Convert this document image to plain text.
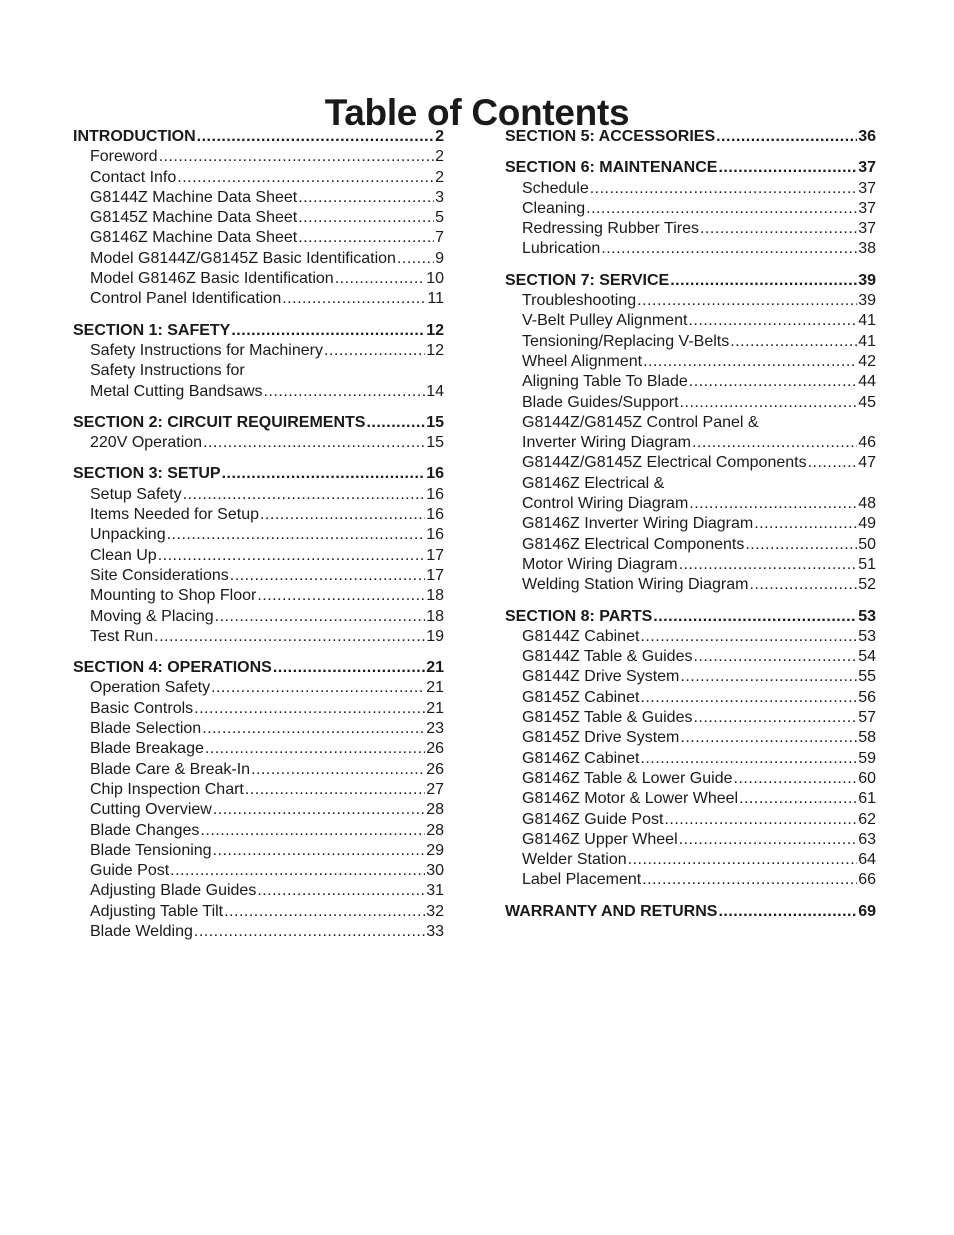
Table of Contents
INTRODUCTION .....	2
Foreword .....	2
Contact Info .....	2
G8144Z Machine Data Sheet .....	3
G8145Z Machine Data Sheet .....	5
G8146Z Machine Data Sheet .....	7
Model G8144Z/G8145Z Basic Identification ..... 9
Model G8146Z Basic Identification .....	10
Control Panel Identification .....	11
SECTION 1: SAFETY .....	12
Safety Instructions for Machinery .....	12
Safety Instructions for
Metal Cutting Bandsaws .....	14
SECTION 2: CIRCUIT REQUIREMENTS .....	15
220V Operation .....	15
SECTION 3: SETUP .....	16
Setup Safety .....	16
Items Needed for Setup .....	16
Unpacking .....	16
Clean Up .....	17
Site Considerations .....	17
Mounting to Shop Floor .....	18
Moving & Placing .....	18
Test Run .....	19
SECTION 4: OPERATIONS .....	21
Operation Safety .....	21
Basic Controls .....	21
Blade Selection .....	23
Blade Breakage .....	26
Blade Care & Break-In .....	26
Chip Inspection Chart .....	27
Cutting Overview .....	28
Blade Changes .....	28
Blade Tensioning .....	29
Guide Post .....	30
Adjusting Blade Guides .....	31
Adjusting Table Tilt .....	32
Blade Welding .....	33
SECTION 5: ACCESSORIES .....	36
SECTION 6: MAINTENANCE .....	37
Schedule .....	37
Cleaning .....	37
Redressing Rubber Tires .....	37
Lubrication .....	38
SECTION 7: SERVICE .....	39
Troubleshooting .....	39
V-Belt Pulley Alignment .....	41
Tensioning/Replacing V-Belts .....	41
Wheel Alignment .....	42
Aligning Table To Blade .....	44
Blade Guides/Support .....	45
G8144Z/G8145Z Control Panel &
Inverter Wiring Diagram .....	46
G8144Z/G8145Z Electrical Components .....	47
G8146Z Electrical &
Control Wiring Diagram .....	48
G8146Z Inverter Wiring Diagram .....	49
G8146Z Electrical Components .....	50
Motor Wiring Diagram .....	51
Welding Station Wiring Diagram .....	52
SECTION 8: PARTS .....	53
G8144Z Cabinet .....	53
G8144Z Table & Guides .....	54
G8144Z Drive System .....	55
G8145Z Cabinet .....	56
G8145Z Table & Guides .....	57
G8145Z Drive System .....	58
G8146Z Cabinet .....	59
G8146Z Table & Lower Guide .....	60
G8146Z Motor & Lower Wheel .....	61
G8146Z Guide Post .....	62
G8146Z Upper Wheel .....	63
Welder Station .....	64
Label Placement .....	66
WARRANTY AND RETURNS .....	69
